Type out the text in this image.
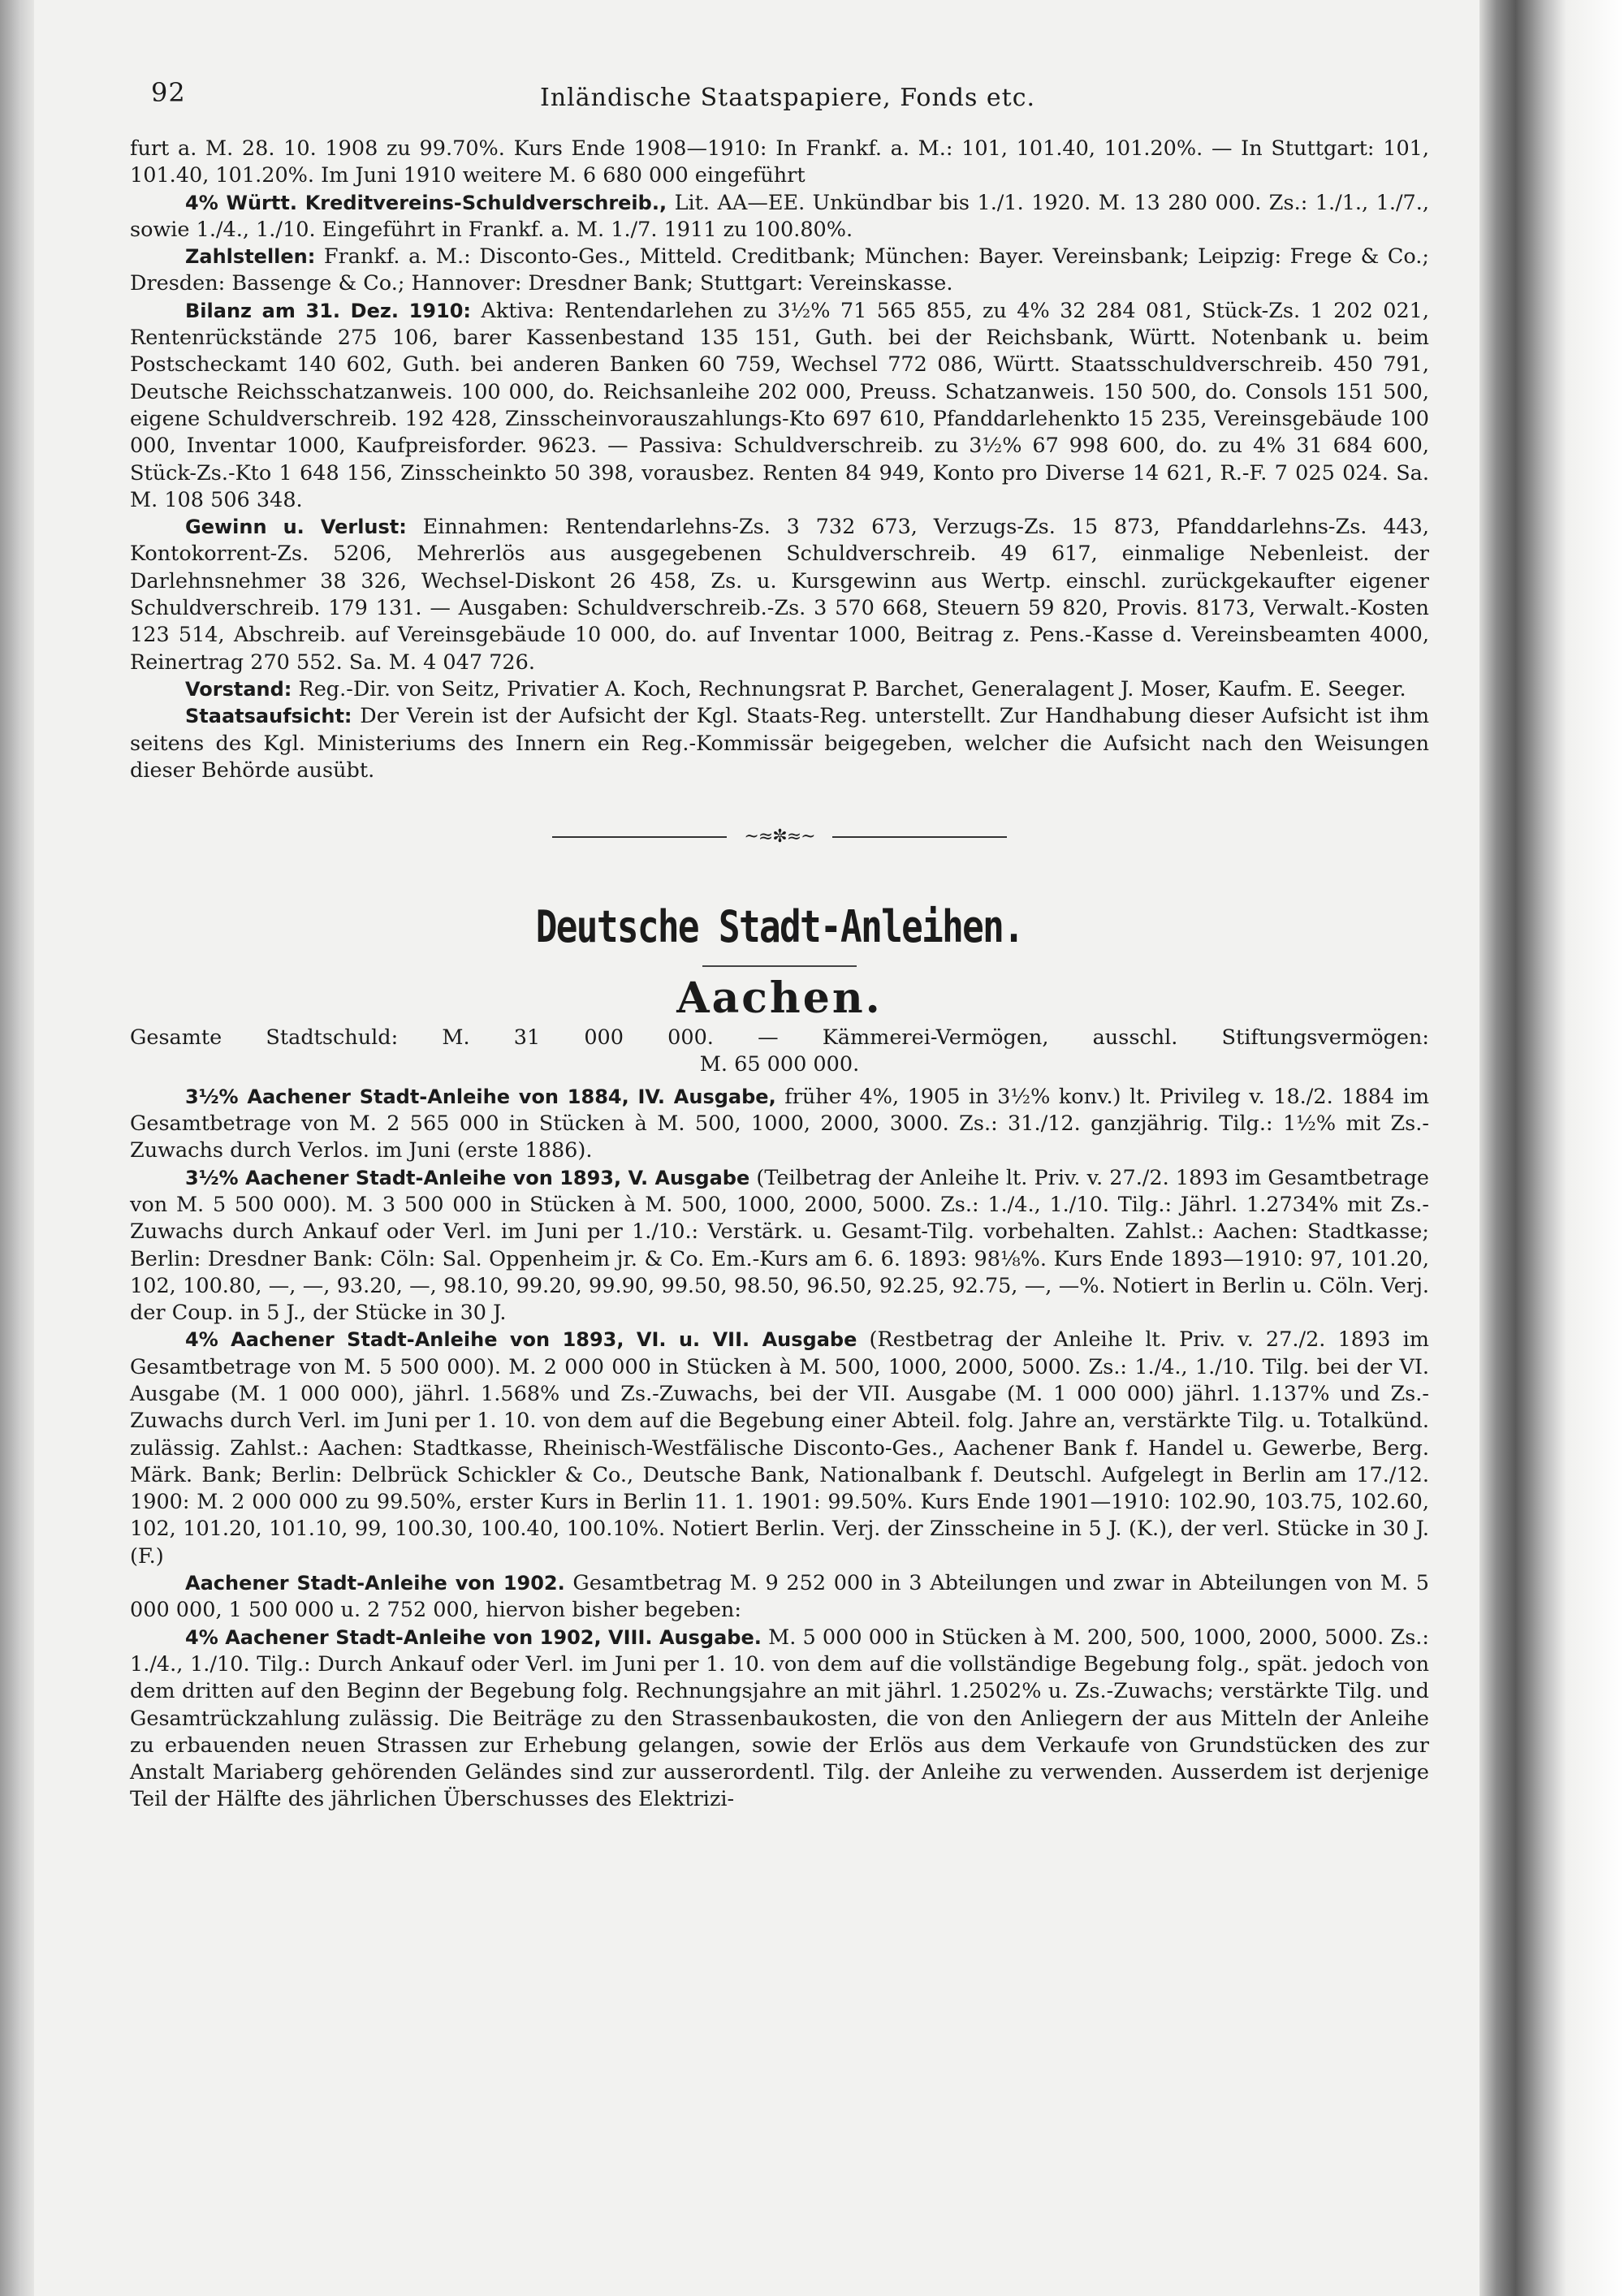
92	Inländische Staatspapiere, Fonds etc.

furt a. M. 28. 10. 1908 zu 99.70%. Kurs Ende 1908—1910: In Frankf. a. M.: 101, 101.40, 101.20%. — In Stuttgart: 101, 101.40, 101.20%. Im Juni 1910 weitere M. 6 680 000 eingeführt

4% Württ. Kreditvereins-Schuldverschreib., Lit. AA—EE. Unkündbar bis 1./1. 1920. M. 13 280 000. Zs.: 1./1., 1./7., sowie 1./4., 1./10. Eingeführt in Frankf. a. M. 1./7. 1911 zu 100.80%.

Zahlstellen: Frankf. a. M.: Disconto-Ges., Mitteld. Creditbank; München: Bayer. Vereinsbank; Leipzig: Frege & Co.; Dresden: Bassenge & Co.; Hannover: Dresdner Bank; Stuttgart: Vereinskasse.

Bilanz am 31. Dez. 1910: Aktiva: Rentendarlehen zu 3½% 71 565 855, zu 4% 32 284 081, Stück-Zs. 1 202 021, Rentenrückstände 275 106, barer Kassenbestand 135 151, Guth. bei der Reichsbank, Württ. Notenbank u. beim Postscheckamt 140 602, Guth. bei anderen Banken 60 759, Wechsel 772 086, Württ. Staatsschuldverschreib. 450 791, Deutsche Reichsschatzanweis. 100 000, do. Reichsanleihe 202 000, Preuss. Schatzanweis. 150 500, do. Consols 151 500, eigene Schuldverschreib. 192 428, Zinsscheinvorauszahlungs-Kto 697 610, Pfanddarlehenkto 15 235, Vereinsgebäude 100 000, Inventar 1000, Kaufpreisforder. 9623. — Passiva: Schuldverschreib. zu 3½% 67 998 600, do. zu 4% 31 684 600, Stück-Zs.-Kto 1 648 156, Zinsscheinkto 50 398, vorausbez. Renten 84 949, Konto pro Diverse 14 621, R.-F. 7 025 024. Sa. M. 108 506 348.

Gewinn u. Verlust: Einnahmen: Rentendarlehns-Zs. 3 732 673, Verzugs-Zs. 15 873, Pfanddarlehns-Zs. 443, Kontokorrent-Zs. 5206, Mehrerlös aus ausgegebenen Schuldverschreib. 49 617, einmalige Nebenleist. der Darlehnsnehmer 38 326, Wechsel-Diskont 26 458, Zs. u. Kursgewinn aus Wertp. einschl. zurückgekaufter eigener Schuldverschreib. 179 131. — Ausgaben: Schuldverschreib.-Zs. 3 570 668, Steuern 59 820, Provis. 8173, Verwalt.-Kosten 123 514, Abschreib. auf Vereinsgebäude 10 000, do. auf Inventar 1000, Beitrag z. Pens.-Kasse d. Vereinsbeamten 4000, Reinertrag 270 552. Sa. M. 4 047 726.

Vorstand: Reg.-Dir. von Seitz, Privatier A. Koch, Rechnungsrat P. Barchet, Generalagent J. Moser, Kaufm. E. Seeger.

Staatsaufsicht: Der Verein ist der Aufsicht der Kgl. Staats-Reg. unterstellt. Zur Handhabung dieser Aufsicht ist ihm seitens des Kgl. Ministeriums des Innern ein Reg.-Kommissär beigegeben, welcher die Aufsicht nach den Weisungen dieser Behörde ausübt.

~≈✼≈~
Deutsche Stadt-Anleihen.
Aachen.
Gesamte Stadtschuld: M. 31 000 000. — Kämmerei-Vermögen, ausschl. Stiftungsvermögen:
M. 65 000 000.

3½% Aachener Stadt-Anleihe von 1884, IV. Ausgabe, früher 4%, 1905 in 3½% konv.) lt. Privileg v. 18./2. 1884 im Gesamtbetrage von M. 2 565 000 in Stücken à M. 500, 1000, 2000, 3000. Zs.: 31./12. ganzjährig. Tilg.: 1½% mit Zs.-Zuwachs durch Verlos. im Juni (erste 1886).

3½% Aachener Stadt-Anleihe von 1893, V. Ausgabe (Teilbetrag der Anleihe lt. Priv. v. 27./2. 1893 im Gesamtbetrage von M. 5 500 000). M. 3 500 000 in Stücken à M. 500, 1000, 2000, 5000. Zs.: 1./4., 1./10. Tilg.: Jährl. 1.2734% mit Zs.-Zuwachs durch Ankauf oder Verl. im Juni per 1./10.: Verstärk. u. Gesamt-Tilg. vorbehalten. Zahlst.: Aachen: Stadtkasse; Berlin: Dresdner Bank: Cöln: Sal. Oppenheim jr. & Co. Em.-Kurs am 6. 6. 1893: 98⅛%. Kurs Ende 1893—1910: 97, 101.20, 102, 100.80, —, —, 93.20, —, 98.10, 99.20, 99.90, 99.50, 98.50, 96.50, 92.25, 92.75, —, —%. Notiert in Berlin u. Cöln. Verj. der Coup. in 5 J., der Stücke in 30 J.

4% Aachener Stadt-Anleihe von 1893, VI. u. VII. Ausgabe (Restbetrag der Anleihe lt. Priv. v. 27./2. 1893 im Gesamtbetrage von M. 5 500 000). M. 2 000 000 in Stücken à M. 500, 1000, 2000, 5000. Zs.: 1./4., 1./10. Tilg. bei der VI. Ausgabe (M. 1 000 000), jährl. 1.568% und Zs.-Zuwachs, bei der VII. Ausgabe (M. 1 000 000) jährl. 1.137% und Zs.-Zuwachs durch Verl. im Juni per 1. 10. von dem auf die Begebung einer Abteil. folg. Jahre an, verstärkte Tilg. u. Totalkünd. zulässig. Zahlst.: Aachen: Stadtkasse, Rheinisch-Westfälische Disconto-Ges., Aachener Bank f. Handel u. Gewerbe, Berg. Märk. Bank; Berlin: Delbrück Schickler & Co., Deutsche Bank, Nationalbank f. Deutschl. Aufgelegt in Berlin am 17./12. 1900: M. 2 000 000 zu 99.50%, erster Kurs in Berlin 11. 1. 1901: 99.50%. Kurs Ende 1901—1910: 102.90, 103.75, 102.60, 102, 101.20, 101.10, 99, 100.30, 100.40, 100.10%. Notiert Berlin. Verj. der Zinsscheine in 5 J. (K.), der verl. Stücke in 30 J. (F.)

Aachener Stadt-Anleihe von 1902. Gesamtbetrag M. 9 252 000 in 3 Abteilungen und zwar in Abteilungen von M. 5 000 000, 1 500 000 u. 2 752 000, hiervon bisher begeben:

4% Aachener Stadt-Anleihe von 1902, VIII. Ausgabe. M. 5 000 000 in Stücken à M. 200, 500, 1000, 2000, 5000. Zs.: 1./4., 1./10. Tilg.: Durch Ankauf oder Verl. im Juni per 1. 10. von dem auf die vollständige Begebung folg., spät. jedoch von dem dritten auf den Beginn der Begebung folg. Rechnungsjahre an mit jährl. 1.2502% u. Zs.-Zuwachs; verstärkte Tilg. und Gesamtrückzahlung zulässig. Die Beiträge zu den Strassenbaukosten, die von den Anliegern der aus Mitteln der Anleihe zu erbauenden neuen Strassen zur Erhebung gelangen, sowie der Erlös aus dem Verkaufe von Grundstücken des zur Anstalt Mariaberg gehörenden Geländes sind zur ausserordentl. Tilg. der Anleihe zu verwenden. Ausserdem ist derjenige Teil der Hälfte des jährlichen Überschusses des Elektrizi-
